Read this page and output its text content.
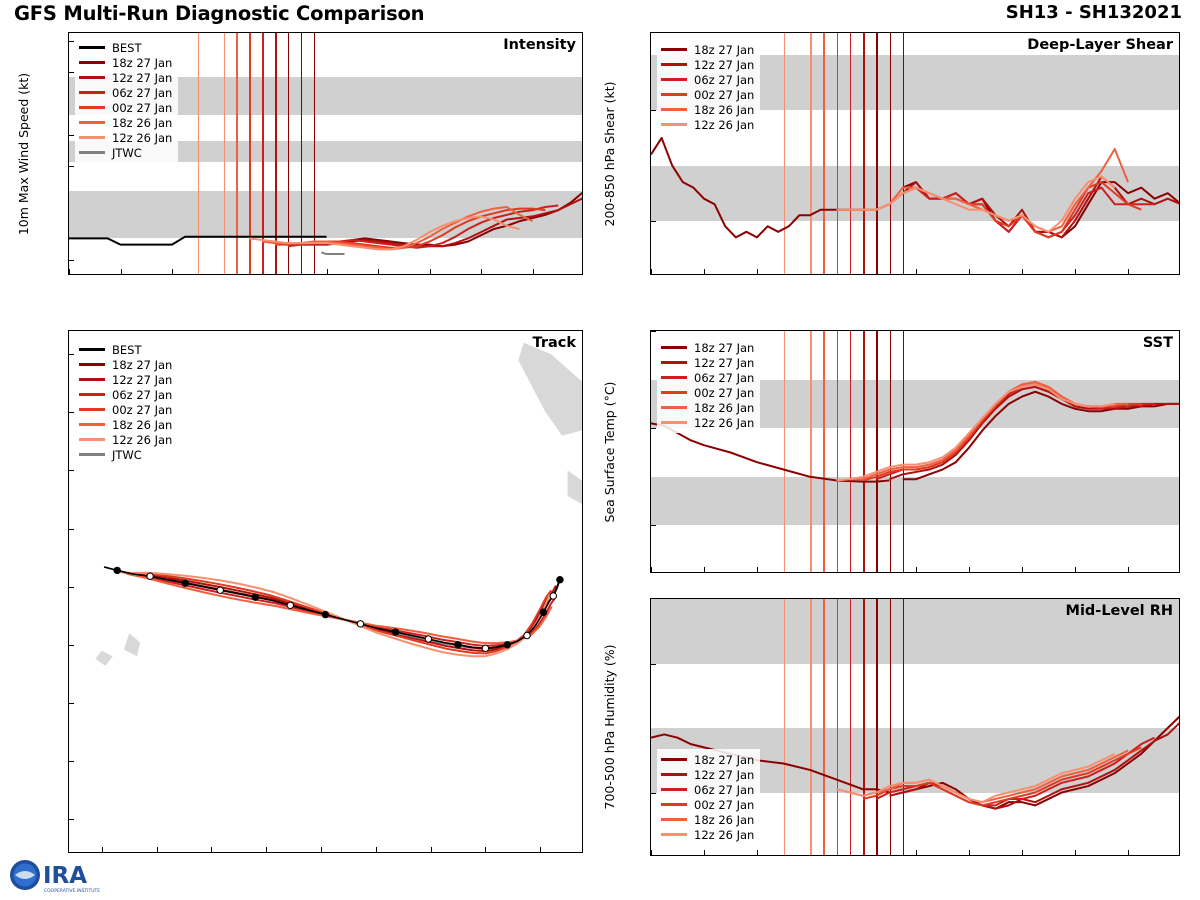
GFS Multi-Run Diagnostic Comparison	SH13 - SH132021
Intensity
BEST
18z 27 Jan
12z 27 Jan
06z 27 Jan
00z 27 Jan
18z 26 Jan
12z 26 Jan
JTWC
10m Max Wind Speed (kt)
Track
BEST
18z 27 Jan
12z 27 Jan
06z 27 Jan
00z 27 Jan
18z 26 Jan
12z 26 Jan
JTWC
Deep-Layer Shear
18z 27 Jan
12z 27 Jan
06z 27 Jan
00z 27 Jan
18z 26 Jan
12z 26 Jan
200-850 hPa Shear (kt)
SST
18z 27 Jan
12z 27 Jan
06z 27 Jan
00z 27 Jan
18z 26 Jan
12z 26 Jan
Sea Surface Temp (°C)
Mid-Level RH
18z 27 Jan
12z 27 Jan
06z 27 Jan
00z 27 Jan
18z 26 Jan
12z 26 Jan
700-500 hPa Humidity (%)
IRA
COOPERATIVE INSTITUTE
